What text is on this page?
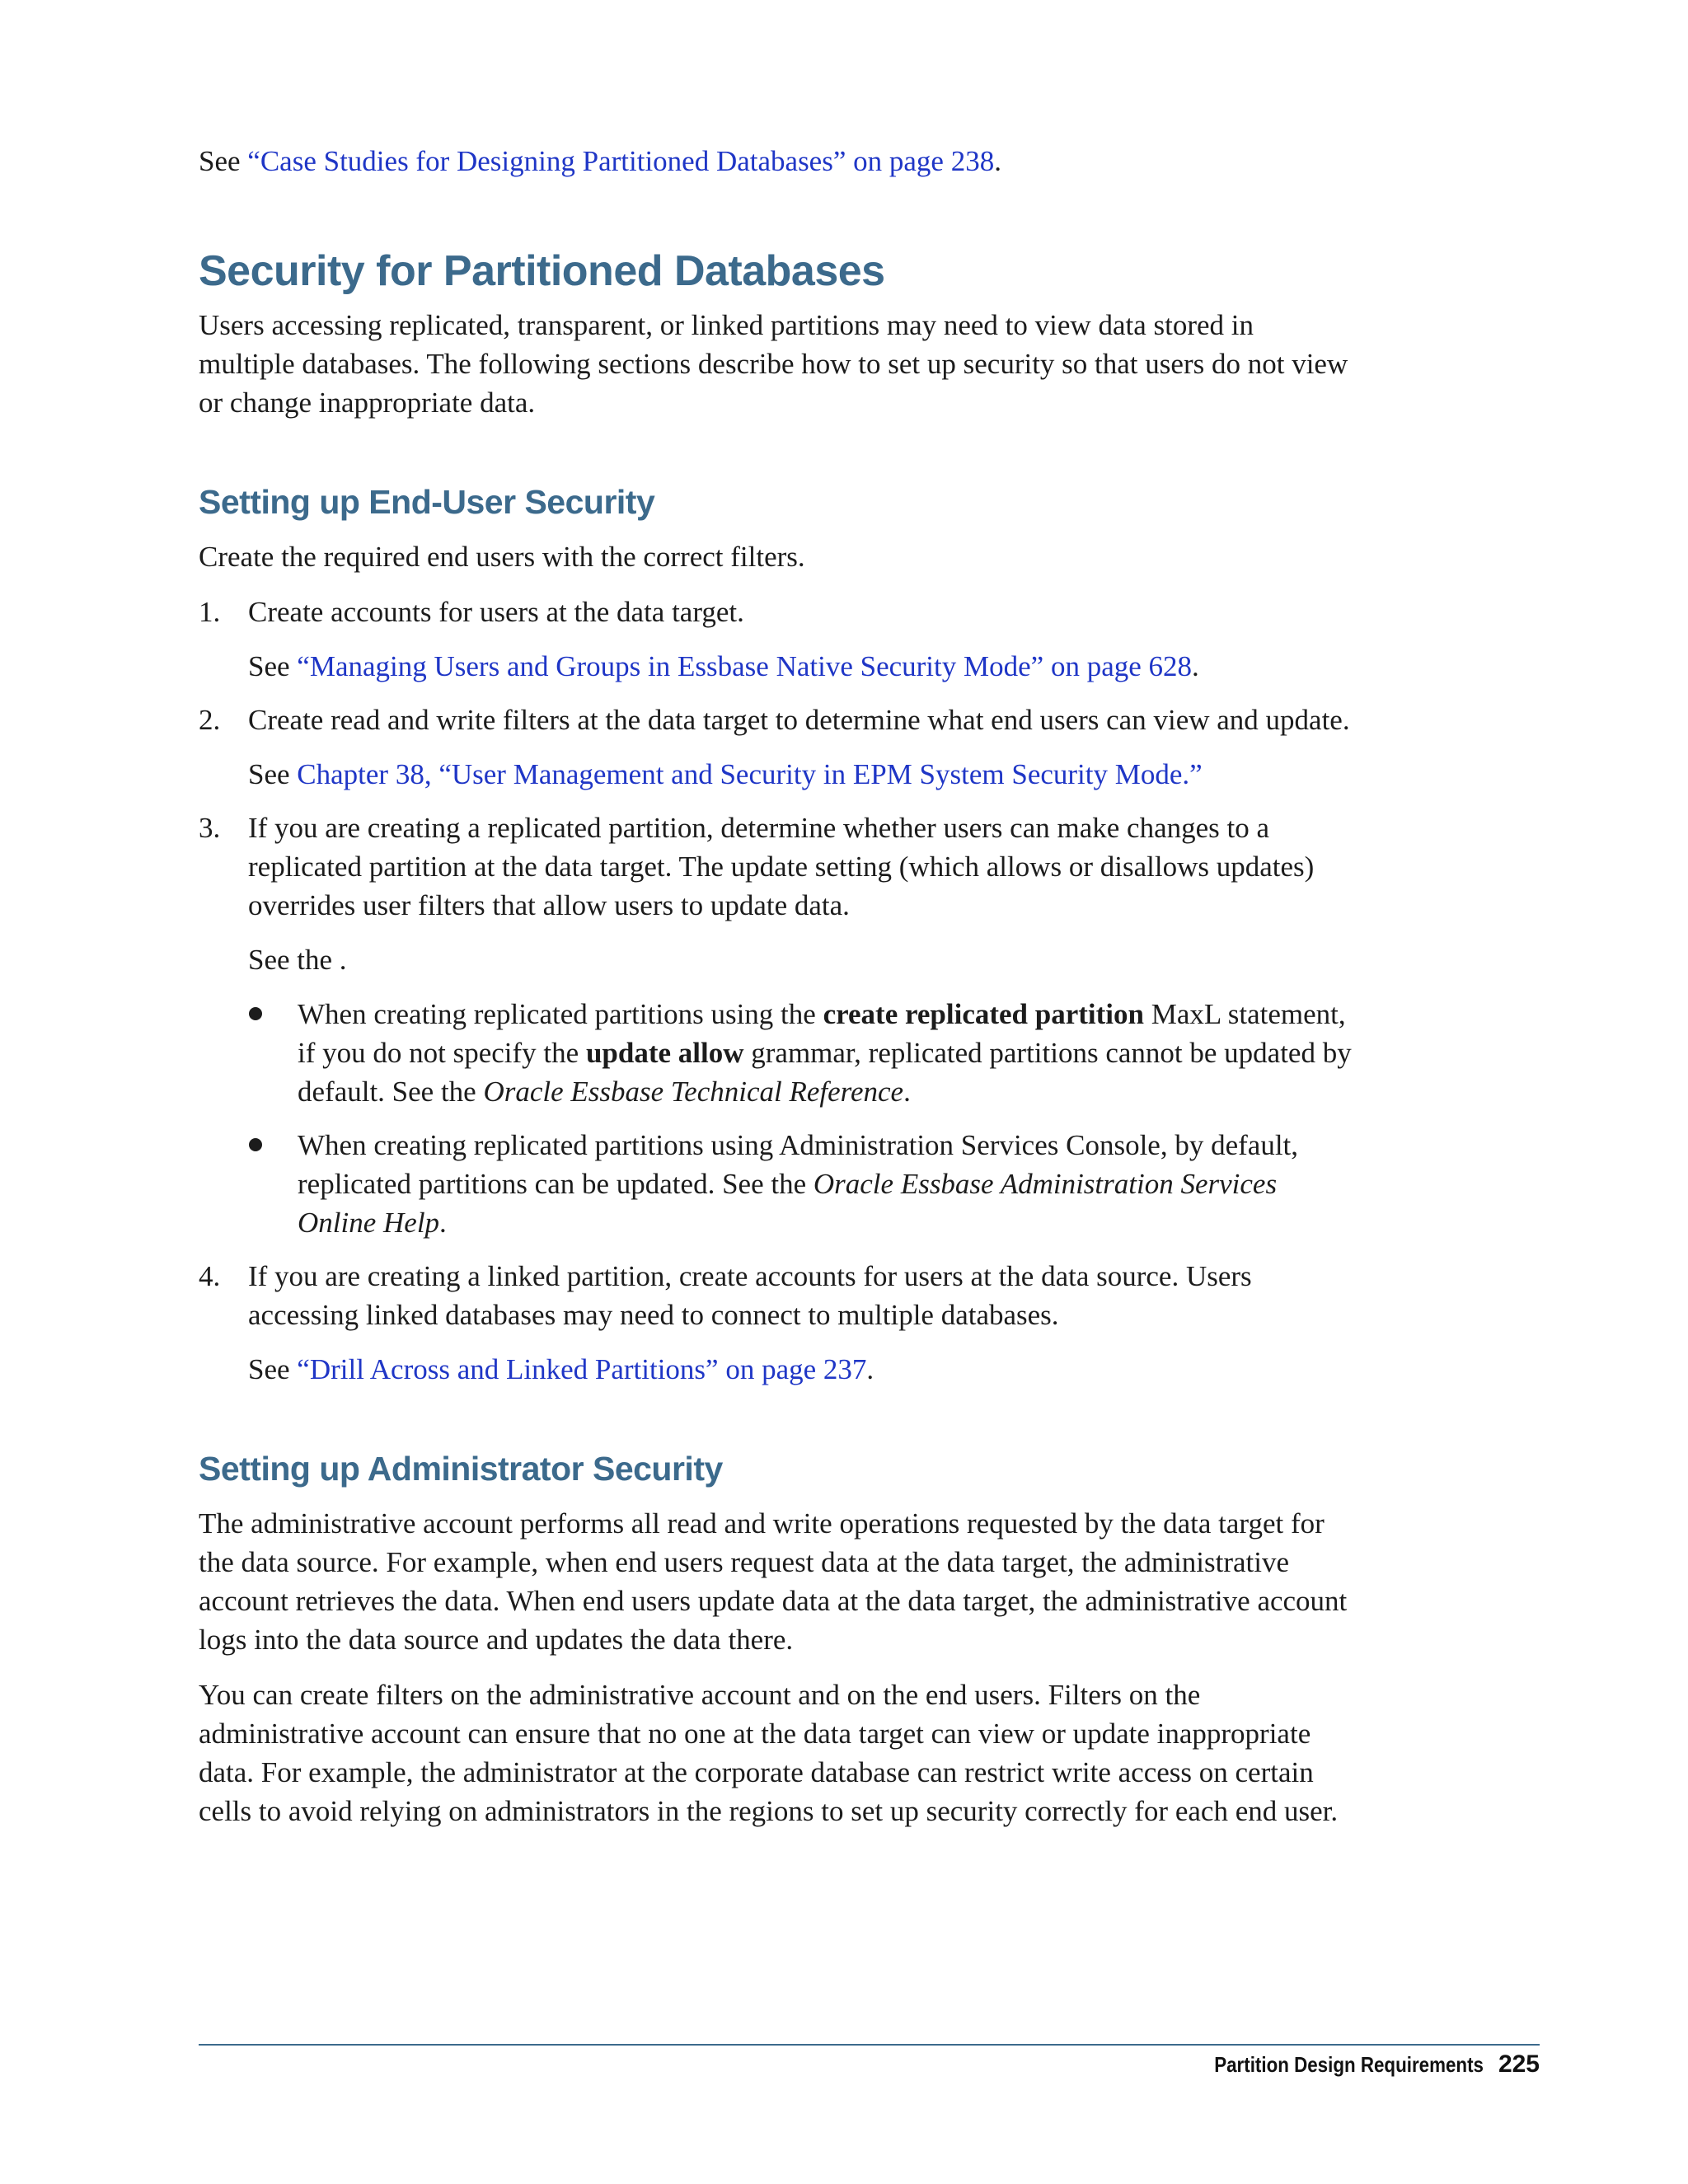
See “Case Studies for Designing Partitioned Databases” on page 238.

Security for Partitioned Databases

Users accessing replicated, transparent, or linked partitions may need to view data stored in multiple databases. The following sections describe how to set up security so that users do not view or change inappropriate data.

Setting up End-User Security

Create the required end users with the correct filters.

1. Create accounts for users at the data target.

See “Managing Users and Groups in Essbase Native Security Mode” on page 628.

2. Create read and write filters at the data target to determine what end users can view and update.

See Chapter 38, “User Management and Security in EPM System Security Mode.”

3. If you are creating a replicated partition, determine whether users can make changes to a replicated partition at the data target. The update setting (which allows or disallows updates) overrides user filters that allow users to update data.

See the .

When creating replicated partitions using the create replicated partition MaxL statement, if you do not specify the update allow grammar, replicated partitions cannot be updated by default. See the Oracle Essbase Technical Reference.

When creating replicated partitions using Administration Services Console, by default, replicated partitions can be updated. See the Oracle Essbase Administration Services Online Help.

4. If you are creating a linked partition, create accounts for users at the data source. Users accessing linked databases may need to connect to multiple databases.

See “Drill Across and Linked Partitions” on page 237.

Setting up Administrator Security

The administrative account performs all read and write operations requested by the data target for the data source. For example, when end users request data at the data target, the administrative account retrieves the data. When end users update data at the data target, the administrative account logs into the data source and updates the data there.

You can create filters on the administrative account and on the end users. Filters on the administrative account can ensure that no one at the data target can view or update inappropriate data. For example, the administrator at the corporate database can restrict write access on certain cells to avoid relying on administrators in the regions to set up security correctly for each end user.

Partition Design Requirements 225
